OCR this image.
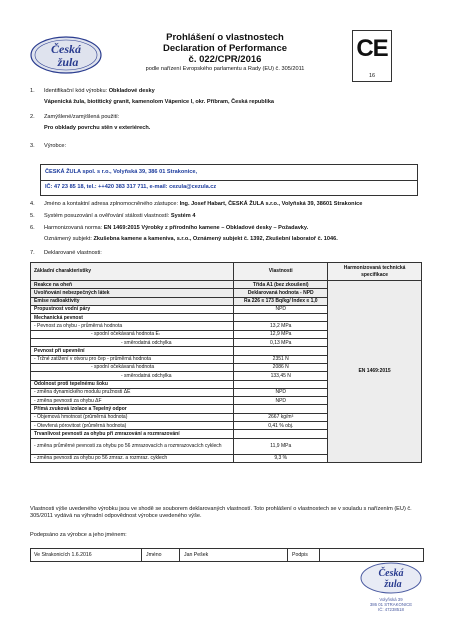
Česká
žula
Prohlášení o vlastnostech
Declaration of Performance
č. 022/CPR/2016
podle nařízení Evropského parlamentu a Rady (EU) č. 305/2011
CE
16
1. Identifikační kód výrobku: Obkladové desky
Vápenická žula, biotitický granit, kamenolom Vápenice I, okr. Příbram, Česká republika
2. Zamýšlené/zamýšlená použití:
Pro obklady povrchu stěn v exteriérech.
3. Výrobce:
ČESKÁ ŽULA spol. s r.o., Volyňská 39, 386 01 Strakonice,
IČ: 47 23 85 18, tel.: ++420 383 317 711, e-mail: cezula@cezula.cz
4. Jméno a kontaktní adresa zplnomocněného zástupce: Ing. Josef Habart, ČESKÁ ŽULA s.r.o., Volyňská 39, 38601 Strakonice
5. Systém posuzování a ověřování stálosti vlastností: Systém 4
6. Harmonizovaná norma: EN 1469:2015 Výrobky z přírodního kamene – Obkladové desky – Požadavky.
Oznámený subjekt: Zkušebna kamene a kameniva, s.r.o., Oznámený subjekt č. 1392, Zkušební laboratoř č. 1046.
7. Deklarované vlastnosti:
Základní charakteristiky	Vlastnosti	Harmonizovaná technická specifikace
Reakce na oheň	Třída A1 (bez zkoušení)	EN 1469:2015
Uvolňování nebezpečných látek	Deklarovaná hodnota - NPD	
Emise radioaktivity	Ra 226 ≤ 173 Bq/kg/ Index ≤ 1,0	
Propustnost vodní páry	NPD	
Mechanická pevnost		
- Pevnost za ohybu - průměrná hodnota	13,2 MPa	
- spodní očekávaná hodnota Eₗ	12,9 MPa	
- směrodatná odchylka	0,13 MPa	
Pevnost při upevnění		
- Tržné zatížení v otvoru pro čep - průměrná hodnota	2351 N	
- spodní očekávaná hodnota	2086 N	
- směrodatná odchylka	133,45 N	
Odolnost proti tepelnému šoku		
- změna dynamického modulu pružnosti ΔE	NPD	
- změna pevnosti za ohybu ΔF	NPD	
Přímá zvuková izolace a Tepelný odpor		
- Objemová hmotnost (průměrná hodnota)	2667 kg/m³	
- Otevřená pórovitost (průměrná hodnota)	0,41 % obj.	
Trvanlivost pevnosti za ohybu při zmrazování a rozmrazování		
- změna průměrné pevnosti za ohybu po 56 zmrazovacích a rozmrazovacích cyklech	11,9 MPa	
- změna pevnosti za ohybu po 56 zmraz. a rozmraz. cyklech	9,3 %	
Vlastnosti výše uvedeného výrobku jsou ve shodě se souborem deklarovaných vlastností. Toto prohlášení o vlastnostech se v souladu s nařízením (EU) č. 305/2011 vydává na výhradní odpovědnost výrobce uvedeného výše.
Podepsáno za výrobce a jeho jménem:
Ve Strakonicích 1.6.2016	Jméno	Jan Pešek	Podpis
Česká
žula
Volyňská 39
386 01 STRAKONICE
IČ: 47238518
